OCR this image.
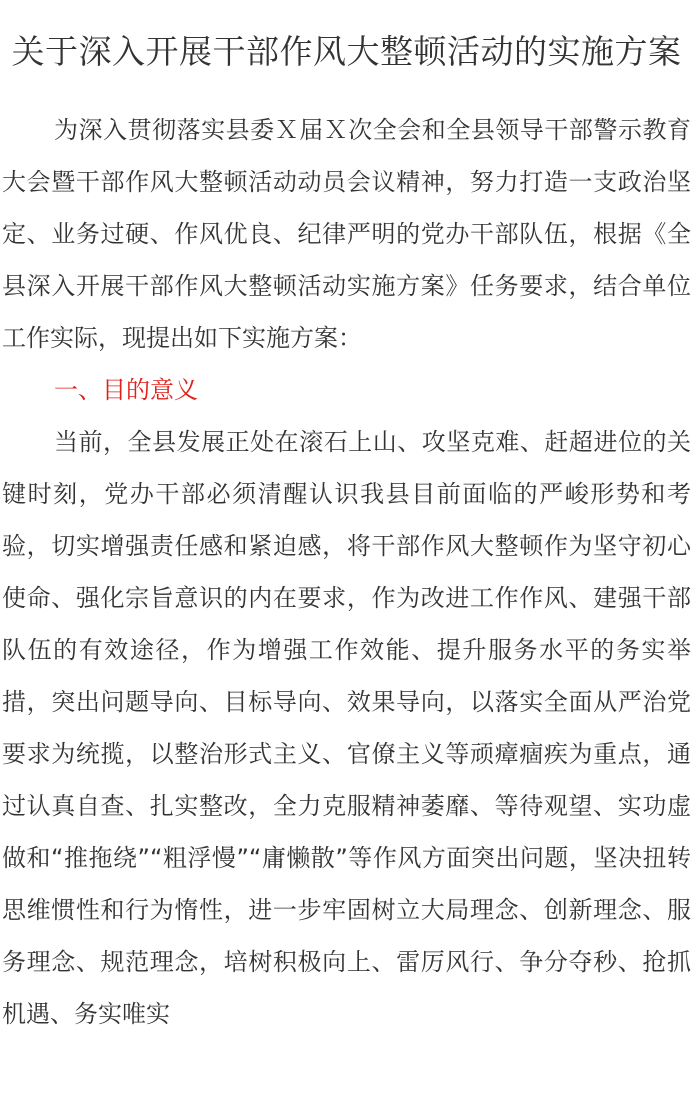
关于深入开展干部作风大整顿活动的实施方案

为深入贯彻落实县委Ｘ届Ｘ次全会和全县领导干部警示教育大会暨干部作风大整顿活动动员会议精神，努力打造一支政治坚定、业务过硬、作风优良、纪律严明的党办干部队伍，根据《全县深入开展干部作风大整顿活动实施方案》任务要求，结合单位工作实际，现提出如下实施方案：

一、目的意义

当前，全县发展正处在滚石上山、攻坚克难、赶超进位的关键时刻，党办干部必须清醒认识我县目前面临的严峻形势和考验，切实增强责任感和紧迫感，将干部作风大整顿作为坚守初心使命、强化宗旨意识的内在要求，作为改进工作作风、建强干部队伍的有效途径，作为增强工作效能、提升服务水平的务实举措，突出问题导向、目标导向、效果导向，以落实全面从严治党要求为统揽，以整治形式主义、官僚主义等顽瘴痼疾为重点，通过认真自查、扎实整改，全力克服精神萎靡、等待观望、实功虚做和“推拖绕”“粗浮慢”“庸懒散”等作风方面突出问题，坚决扭转思维惯性和行为惰性，进一步牢固树立大局理念、创新理念、服务理念、规范理念，培树积极向上、雷厉风行、争分夺秒、抢抓机遇、务实唯实
